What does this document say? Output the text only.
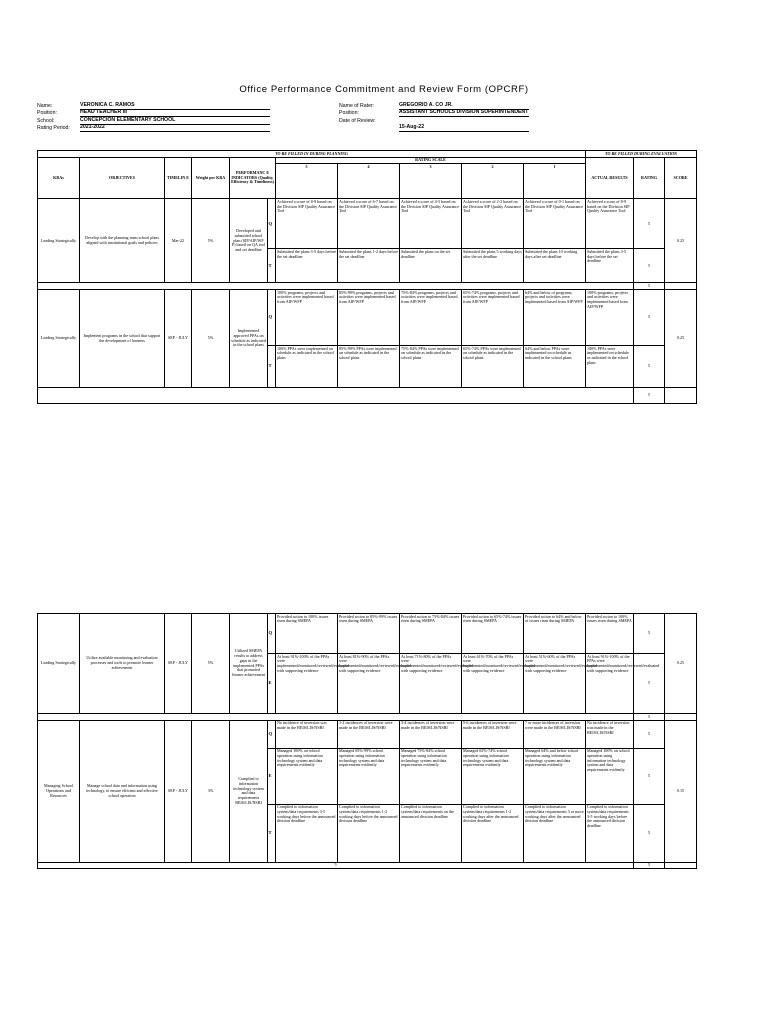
Office Performance Commitment and Review Form (OPCRF)
Name:	VERONICA C. RAMOS
Position:	HEAD TEACHER III
School:	CONCEPCION ELEMENTARY SCHOOL
Rating Period:	2021-2022
Name of Rater:	GREGORIO A. CO JR.
Position:	ASSISTANT SCHOOLS DIVISION SUPERINTENDENT
Date of Review:
15-Aug-22
TO BE FILLED IN DURING PLANNING											TO BE FILLED DURING EVALUATION		
KRAs	OBJECTIVES	TIMELIN E	Weight per KRA	PERFORMANC E INDICATORS (Quality, Efficiency & Timeliness)		RATING SCALE					ACTUAL RESULTS	RATING	SCORE
						5	4	3	2	1			
Leading Strategically	Develop with the planning team school plans aligned with institutional goals and policies	Mar-22	5%	Developed and submitted school plan (SIP/AIP/WF P) based on QA tool and set deadline	Q	Achieved a score of 8-9 based on the Division SIP Quality Assurance Tool	Achieved a score of 6-7 based on the Division SIP Quality Assurance Tool	Achieved a score of 4-5 based on the Division SIP Quality Assurance Tool	Achieved a score of 2-3 based on the Division SIP Quality Assurance Tool	Achieved a score of 0-1 based on the Division SIP Quality Assurance Tool	Achieved a score of 8-9 based on the Division SIP Quality Assurance Tool	5	0.25
					T	Submitted the plans 3-5 days before the set deadline	Submitted the plans 1-2 days before the set deadline	Submitted the plans on the set deadline	Submitted the plans 5 working days after the set deadline	Submitted the plans 10 working days after set deadline	Submitted the plans 3-5 days before the set deadline	5	
												5	
Leading Strategically	Implement programs in the school that support the development of learners	SEP - JULY	5%	Implemented approved PPAs on schedule as indicated in the school plans	Q	100% programs, projects and activities were implemented based from AIP/WFP	85%-99% programs, projects and activities were implemented based from AIP/WFP	75%-84% programs, projects and activities were implemented based from AIP/WFP	65%-74% programs, projects and activities were implemented based from AIP/WFP	64% and below of programs, projects and activities were implemented based from AIP/WFP	100% programs, projects and activities were implemented based from AIP/WFP	5	0.25
					T	100% PPAs were implemented on schedule as indicated in the school plans	85%-99% PPAs were implemented on schedule as indicated in the school plans	75%-84% PPAs were implemented on schedule as indicated in the school plans	65%-74% PPAs were implemented on schedule as indicated in the school plans	64% and below PPAs were implemented on schedule as indicated in the school plans	100% PPAs were implemented on schedule as indicated in the school plans	5	
												5	
Leading Strategically	Utilize available monitoring and evaluation processes and tools to promote learner achievement	SEP - JULY	5%	Utilized SMEPA results to address gaps in the implemented PPAs that promoted learner achievement	Q	Provided action to 100% issues risen during SMEPA	Provided action to 85%-99% issues risen during SMEPA	Provided action to 75%-84% issues risen during SMEPA	Provided action to 65%-74% issues risen during SMEPA	Provided action to 64% and below of issues risen during SMEPA	Provided action to 100% issues risen during SMEPA	5	0.25
					E	At least 91%-100% of the PPAs were implemented/monitored/reviewed/evaluated with supporting evidence	At least 81%-90% of the PPAs were implemented/monitored/reviewed/evaluated with supporting evidence	At least 71%-80% of the PPAs were implemented/monitored/reviewed/evaluated with supporting evidence	At least 61%-70% of the PPAs were implemented/monitored/reviewed/evaluated with supporting evidence	At least 51%-60% of the PPAs were implemented/monitored/reviewed/evaluated with supporting evidence	At least 91%-100% of the PPAs were implemented/monitored/reviewed/evaluated with supporting evidence	5	
												5	
Managing School Operations and Resources	Manage school data and information using technology, to ensure efficient and effective school operation	SEP - JULY	3%	Complied to information technology system and data requirements BEIS/LIS/NSBI	Q	No incidence of inversion was made in the BEIS/LIS/NSBI	1-2 incidences of inversion were made in the BEIS/LIS/NSBI	3-4 incidences of inversion were made in the BEIS/LIS/NSBI	5-6 incidences of inversion were made in the BEIS/LIS/NSBI	7 or more incidences of inversion were made in the BEIS/LIS/NSBI	No incidence of inversion was made in the BEIS/LIS/NSBI	5	0.15
					E	Managed 100% on school operation using information technology system and data requirements evidently	Managed 85%-99% school operation using information technology system and data requirements evidently	Managed 75%-84% school operation using information technology system and data requirements evidently	Managed 65%-74% school operation using information technology system and data requirements evidently	Managed 64% and below school operation using information technology system and data requirements evidently	Managed 100% on school operation using information technology system and data requirements evidently	5	
					T	Complied to information system/data requirements 3-5 working days before the announced division deadline	Complied to information system/data requirements 1-2 working days before the announced division deadline	Complied to information system/data requirements on the announced division deadline	Complied to information system/data requirements 1-2 working days after the announced division deadline	Complied to information system/data requirements 3 or more working days after the announced division deadline	Complied to information system/data requirements 3-5 working days before the announced division deadline	5	
5												5	
